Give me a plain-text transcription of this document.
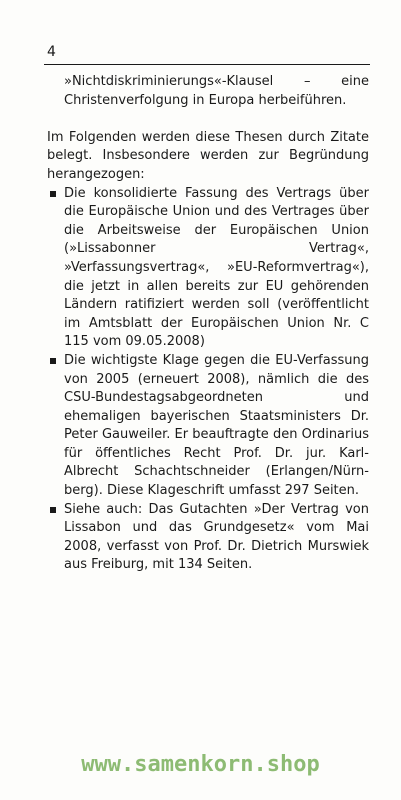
4

»Nichtdiskriminierungs«-Klausel – eine Christenverfolgung in Europa herbeiführen.

Im Folgenden werden diese Thesen durch Zitate belegt. Insbesondere werden zur Begründung herangezogen:

Die konsolidierte Fassung des Vertrags über die Europäische Union und des Vertrages über die Arbeitsweise der Europäischen Union (»Lissabonner Vertrag«, »Verfassungsvertrag«, »EU-Reformvertrag«), die jetzt in allen bereits zur EU gehörenden Ländern ratifiziert werden soll (veröffentlicht im Amtsblatt der Europäischen Union Nr. C 115 vom 09.05.2008)
Die wichtigste Klage gegen die EU-Verfassung von 2005 (erneuert 2008), nämlich die des CSU-Bundestagsabgeordneten und ehemaligen bayerischen Staatsministers Dr. Peter Gauweiler. Er beauftragte den Ordinarius für öffentliches Recht Prof. Dr. jur. Karl-Albrecht Schachtschneider (Erlangen/Nürnberg). Diese Klageschrift umfasst 297 Seiten.
Siehe auch: Das Gutachten »Der Vertrag von Lissabon und das Grundgesetz« vom Mai 2008, verfasst von Prof. Dr. Dietrich Murswiek aus Freiburg, mit 134 Seiten.
www.samenkorn.shop
